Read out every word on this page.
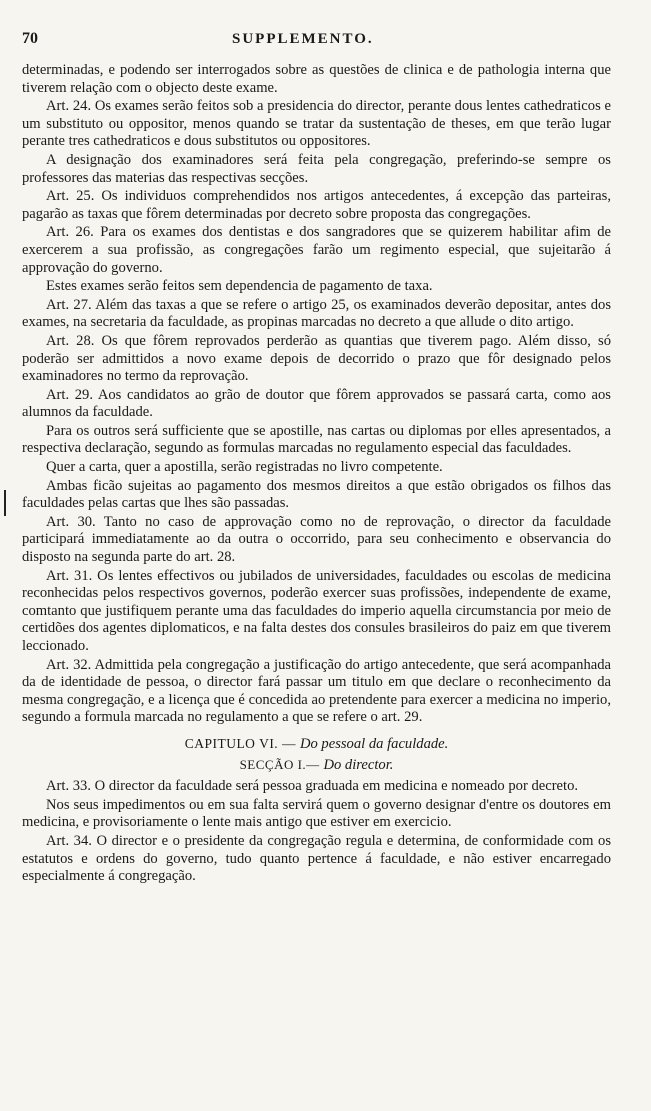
70	SUPPLEMENTO.

determinadas, e podendo ser interrogados sobre as questões de clinica e de pathologia interna que tiverem relação com o objecto deste exame.

Art. 24. Os exames serão feitos sob a presidencia do director, perante dous lentes cathedraticos e um substituto ou oppositor, menos quando se tratar da sustentação de theses, em que terão lugar perante tres cathedraticos e dous substitutos ou oppositores.

A designação dos examinadores será feita pela congregação, preferindo-se sempre os professores das materias das respectivas secções.

Art. 25. Os individuos comprehendidos nos artigos antecedentes, á excepção das parteiras, pagarão as taxas que fôrem determinadas por decreto sobre proposta das congregações.

Art. 26. Para os exames dos dentistas e dos sangradores que se quizerem habilitar afim de exercerem a sua profissão, as congregações farão um regimento especial, que sujeitarão á approvação do governo.

Estes exames serão feitos sem dependencia de pagamento de taxa.

Art. 27. Além das taxas a que se refere o artigo 25, os examinados deverão depositar, antes dos exames, na secretaria da faculdade, as propinas marcadas no decreto a que allude o dito artigo.

Art. 28. Os que fôrem reprovados perderão as quantias que tiverem pago. Além disso, só poderão ser admittidos a novo exame depois de decorrido o prazo que fôr designado pelos examinadores no termo da reprovação.

Art. 29. Aos candidatos ao grão de doutor que fôrem approvados se passará carta, como aos alumnos da faculdade.

Para os outros será sufficiente que se apostille, nas cartas ou diplomas por elles apresentados, a respectiva declaração, segundo as formulas marcadas no regulamento especial das faculdades.

Quer a carta, quer a apostilla, serão registradas no livro competente.

Ambas ficão sujeitas ao pagamento dos mesmos direitos a que estão obrigados os filhos das faculdades pelas cartas que lhes são passadas.

Art. 30. Tanto no caso de approvação como no de reprovação, o director da faculdade participará immediatamente ao da outra o occorrido, para seu conhecimento e observancia do disposto na segunda parte do art. 28.

Art. 31. Os lentes effectivos ou jubilados de universidades, faculdades ou escolas de medicina reconhecidas pelos respectivos governos, poderão exercer suas profissões, independente de exame, comtanto que justifiquem perante uma das faculdades do imperio aquella circumstancia por meio de certidões dos agentes diplomaticos, e na falta destes dos consules brasileiros do paiz em que tiverem leccionado.

Art. 32. Admittida pela congregação a justificação do artigo antecedente, que será acompanhada da de identidade de pessoa, o director fará passar um titulo em que declare o reconhecimento da mesma congregação, e a licença que é concedida ao pretendente para exercer a medicina no imperio, segundo a formula marcada no regulamento a que se refere o art. 29.

CAPITULO VI. — Do pessoal da faculdade.
SECÇÃO I.— Do director.

Art. 33. O director da faculdade será pessoa graduada em medicina e nomeado por decreto.

Nos seus impedimentos ou em sua falta servirá quem o governo designar d'entre os doutores em medicina, e provisoriamente o lente mais antigo que estiver em exercicio.

Art. 34. O director e o presidente da congregação regula e determina, de conformidade com os estatutos e ordens do governo, tudo quanto pertence á faculdade, e não estiver encarregado especialmente á congregação.
